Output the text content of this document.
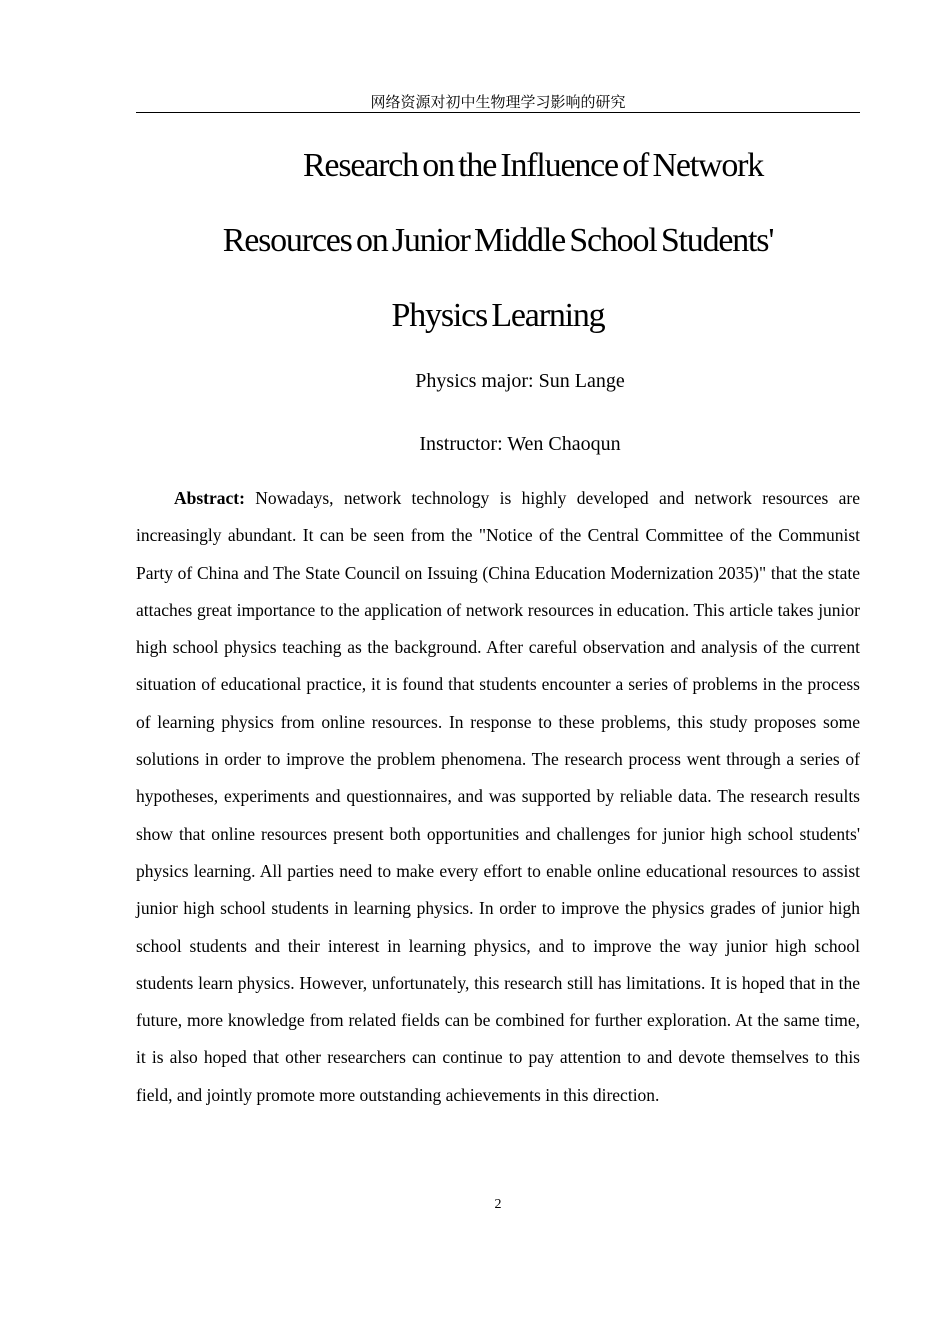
网络资源对初中生物理学习影响的研究
Research on the Influence of Network
Resources on Junior Middle School Students'
Physics Learning
Physics major: Sun Lange
Instructor: Wen Chaoqun

Abstract: Nowadays, network technology is highly developed and network resources are increasingly abundant. It can be seen from the "Notice of the Central Committee of the Communist Party of China and The State Council on Issuing (China Education Modernization 2035)" that the state attaches great importance to the application of network resources in education. This article takes junior high school physics teaching as the background. After careful observation and analysis of the current situation of educational practice, it is found that students encounter a series of problems in the process of learning physics from online resources. In response to these problems, this study proposes some solutions in order to improve the problem phenomena. The research process went through a series of hypotheses, experiments and questionnaires, and was supported by reliable data. The research results show that online resources present both opportunities and challenges for junior high school students' physics learning. All parties need to make every effort to enable online educational resources to assist junior high school students in learning physics. In order to improve the physics grades of junior high school students and their interest in learning physics, and to improve the way junior high school students learn physics. However, unfortunately, this research still has limitations. It is hoped that in the future, more knowledge from related fields can be combined for further exploration. At the same time, it is also hoped that other researchers can continue to pay attention to and devote themselves to this field, and jointly promote more outstanding achievements in this direction.

2
